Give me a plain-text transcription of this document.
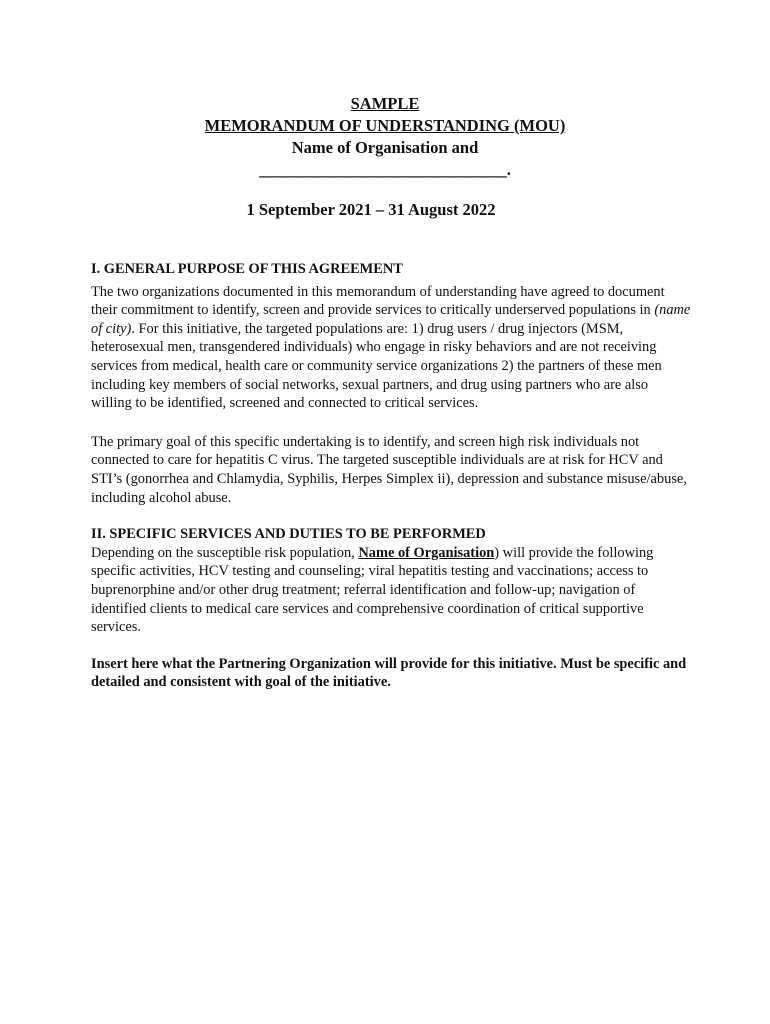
SAMPLE
MEMORANDUM OF UNDERSTANDING (MOU)
Name of Organisation and
______________________________.
1 September 2021 – 31 August 2022
I. GENERAL PURPOSE OF THIS AGREEMENT

The two organizations documented in this memorandum of understanding have agreed to document their commitment to identify, screen and provide services to critically underserved populations in (name of city). For this initiative, the targeted populations are: 1) drug users / drug injectors (MSM, heterosexual men, transgendered individuals) who engage in risky behaviors and are not receiving services from medical, health care or community service organizations 2) the partners of these men including key members of social networks, sexual partners, and drug using partners who are also willing to be identified, screened and connected to critical services.

The primary goal of this specific undertaking is to identify, and screen high risk individuals not connected to care for hepatitis C virus. The targeted susceptible individuals are at risk for HCV and STI’s (gonorrhea and Chlamydia, Syphilis, Herpes Simplex ii), depression and substance misuse/abuse, including alcohol abuse.

II. SPECIFIC SERVICES AND DUTIES TO BE PERFORMED

Depending on the susceptible risk population, Name of Organisation) will provide the following specific activities, HCV testing and counseling; viral hepatitis testing and vaccinations; access to buprenorphine and/or other drug treatment; referral identification and follow-up; navigation of identified clients to medical care services and comprehensive coordination of critical supportive services.

Insert here what the Partnering Organization will provide for this initiative. Must be specific and detailed and consistent with goal of the initiative.
